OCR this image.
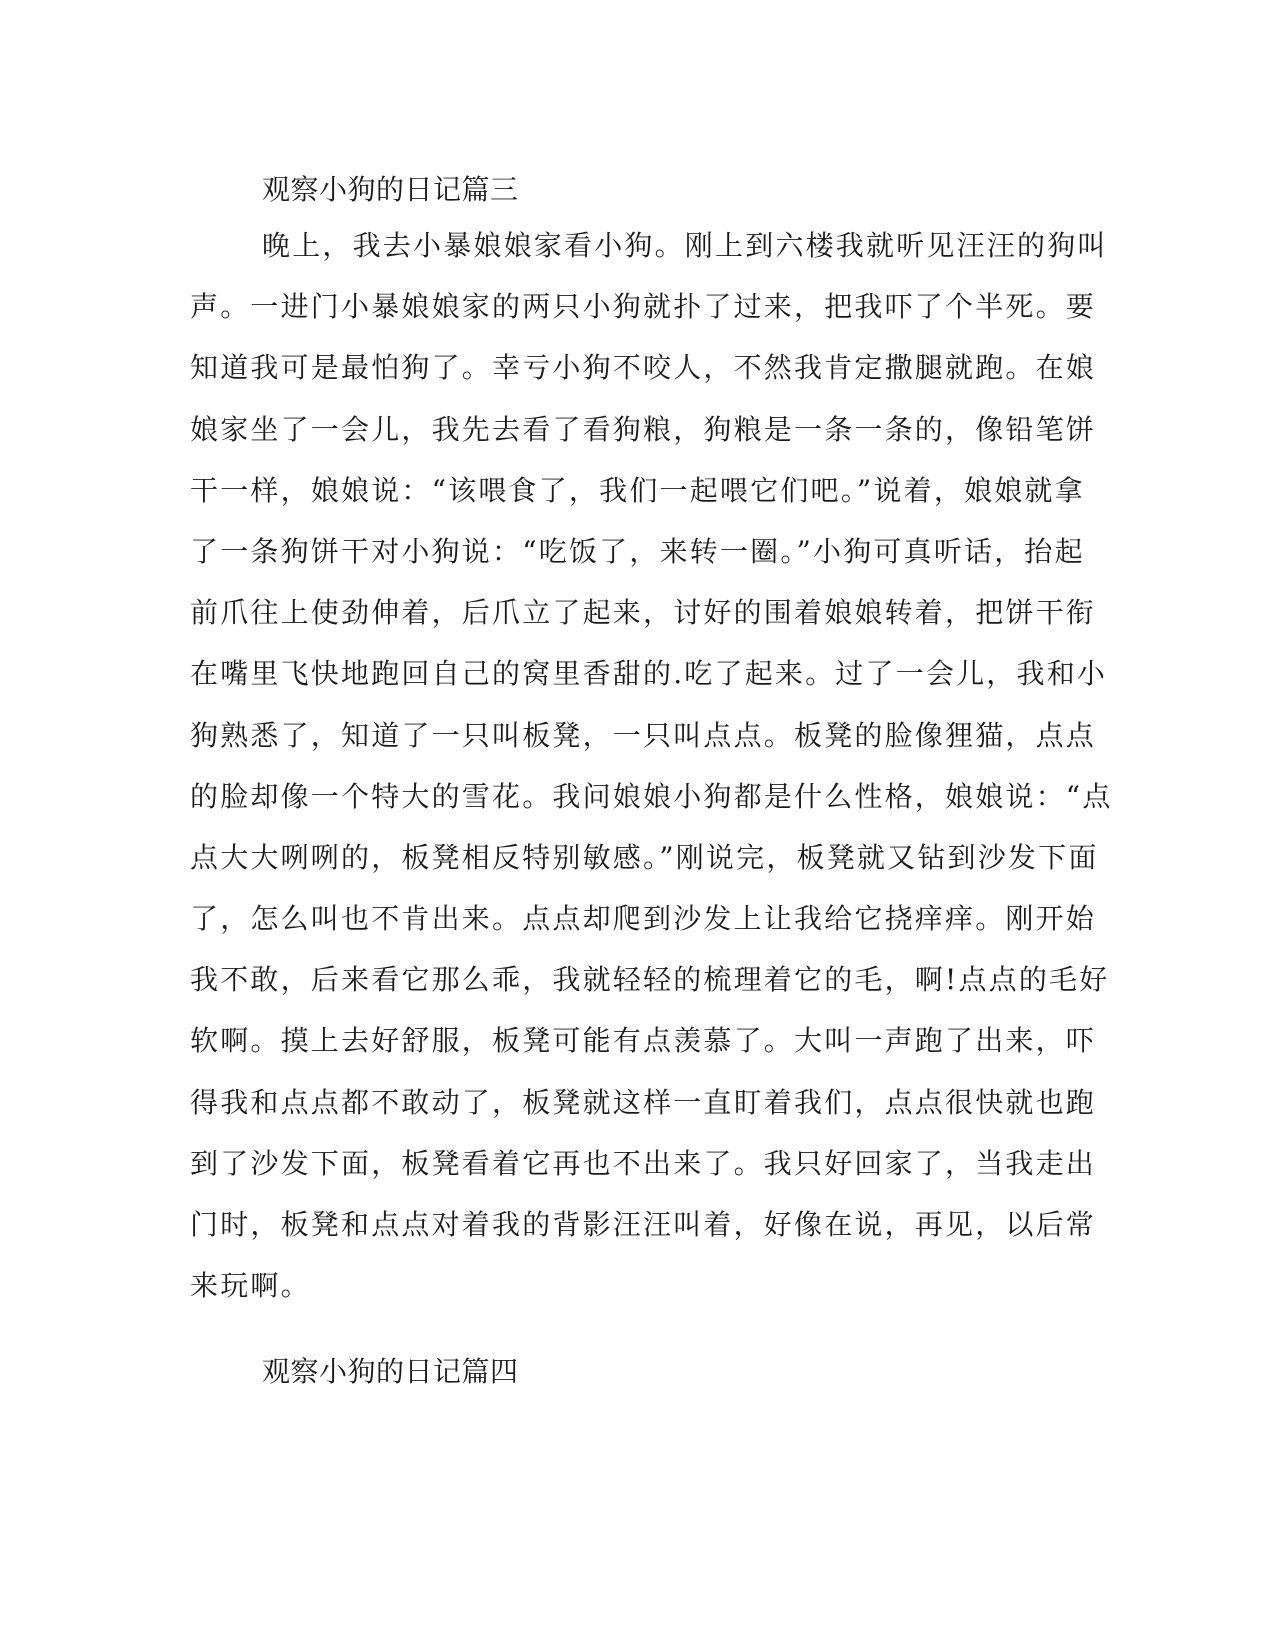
观察小狗的日记篇三
晚上，我去小暴娘娘家看小狗。刚上到六楼我就听见汪汪的狗叫
声。一进门小暴娘娘家的两只小狗就扑了过来，把我吓了个半死。要
知道我可是最怕狗了。幸亏小狗不咬人，不然我肯定撒腿就跑。在娘
娘家坐了一会儿，我先去看了看狗粮，狗粮是一条一条的，像铅笔饼
干一样，娘娘说：“该喂食了，我们一起喂它们吧。”说着，娘娘就拿
了一条狗饼干对小狗说：“吃饭了，来转一圈。”小狗可真听话，抬起
前爪往上使劲伸着，后爪立了起来，讨好的围着娘娘转着，把饼干衔
在嘴里飞快地跑回自己的窝里香甜的.吃了起来。过了一会儿，我和小
狗熟悉了，知道了一只叫板凳，一只叫点点。板凳的脸像狸猫，点点
的脸却像一个特大的雪花。我问娘娘小狗都是什么性格，娘娘说：“点
点大大咧咧的，板凳相反特别敏感。”刚说完，板凳就又钻到沙发下面
了，怎么叫也不肯出来。点点却爬到沙发上让我给它挠痒痒。刚开始
我不敢，后来看它那么乖，我就轻轻的梳理着它的毛，啊!点点的毛好
软啊。摸上去好舒服，板凳可能有点羡慕了。大叫一声跑了出来，吓
得我和点点都不敢动了，板凳就这样一直盯着我们，点点很快就也跑
到了沙发下面，板凳看着它再也不出来了。我只好回家了，当我走出
门时，板凳和点点对着我的背影汪汪叫着，好像在说，再见，以后常
来玩啊。
观察小狗的日记篇四
